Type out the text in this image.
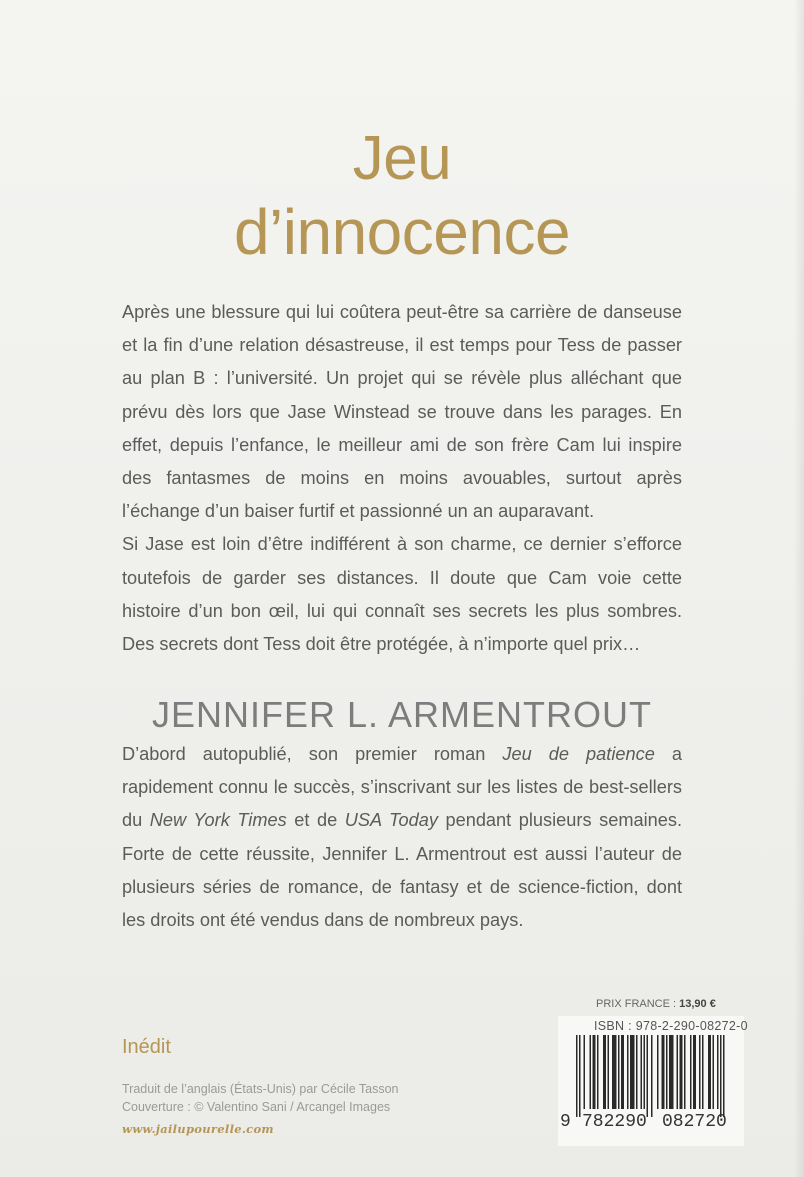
Jeu
d’innocence

Après une blessure qui lui coûtera peut-être sa carrière de danseuse et la fin d’une relation désastreuse, il est temps pour Tess de passer au plan B : l’université. Un projet qui se révèle plus alléchant que prévu dès lors que Jase Winstead se trouve dans les parages. En effet, depuis l’enfance, le meilleur ami de son frère Cam lui inspire des fantasmes de moins en moins avouables, surtout après l’échange d’un baiser furtif et passionné un an auparavant.

Si Jase est loin d’être indifférent à son charme, ce dernier s’efforce toutefois de garder ses distances. Il doute que Cam voie cette histoire d’un bon œil, lui qui connaît ses secrets les plus sombres. Des secrets dont Tess doit être protégée, à n’importe quel prix…

JENNIFER L. ARMENTROUT

D’abord autopublié, son premier roman Jeu de patience a rapidement connu le succès, s’inscrivant sur les listes de best-sellers du New York Times et de USA Today pendant plusieurs semaines. Forte de cette réussite, Jennifer L. Armentrout est aussi l’auteur de plusieurs séries de romance, de fantasy et de science-fiction, dont les droits ont été vendus dans de nombreux pays.

Inédit
Traduit de l’anglais (États-Unis) par Cécile Tasson
Couverture : © Valentino Sani / Arcangel Images
www.jailupourelle.com
PRIX FRANCE : 13,90 €
ISBN : 978-2-290-08272-0
9 782290 082720
